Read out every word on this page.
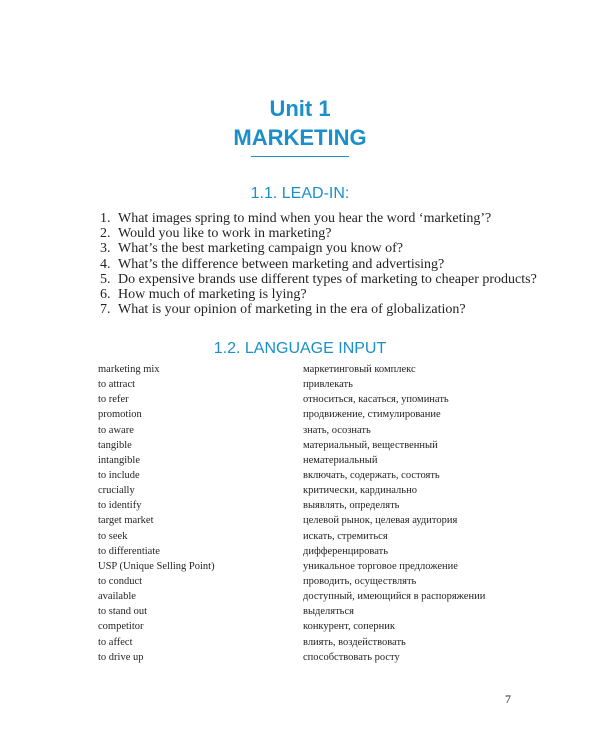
Unit 1
MARKETING
1.1. LEAD-IN:
1. What images spring to mind when you hear the word ‘marketing’?
2. Would you like to work in marketing?
3. What’s the best marketing campaign you know of?
4. What’s the difference between marketing and advertising?
5. Do expensive brands use different types of marketing to cheaper products?
6. How much of marketing is lying?
7. What is your opinion of marketing in the era of globalization?
1.2. LANGUAGE INPUT
marketing mix	маркетинговый комплекс
to attract	привлекать
to refer	относиться, касаться, упоминать
promotion	продвижение, стимулирование
to aware	знать, осознать
tangible	материальный, вещественный
intangible	нематериальный
to include	включать, содержать, состоять
crucially	критически, кардинально
to identify	выявлять, определять
target market	целевой рынок, целевая аудитория
to seek	искать, стремиться
to differentiate	дифференцировать
USP (Unique Selling Point)	уникальное торговое предложение
to conduct	проводить, осуществлять
available	доступный, имеющийся в распоряжении
to stand out	выделяться
competitor	конкурент, соперник
to affect	влиять, воздействовать
to drive up	способствовать росту
7
